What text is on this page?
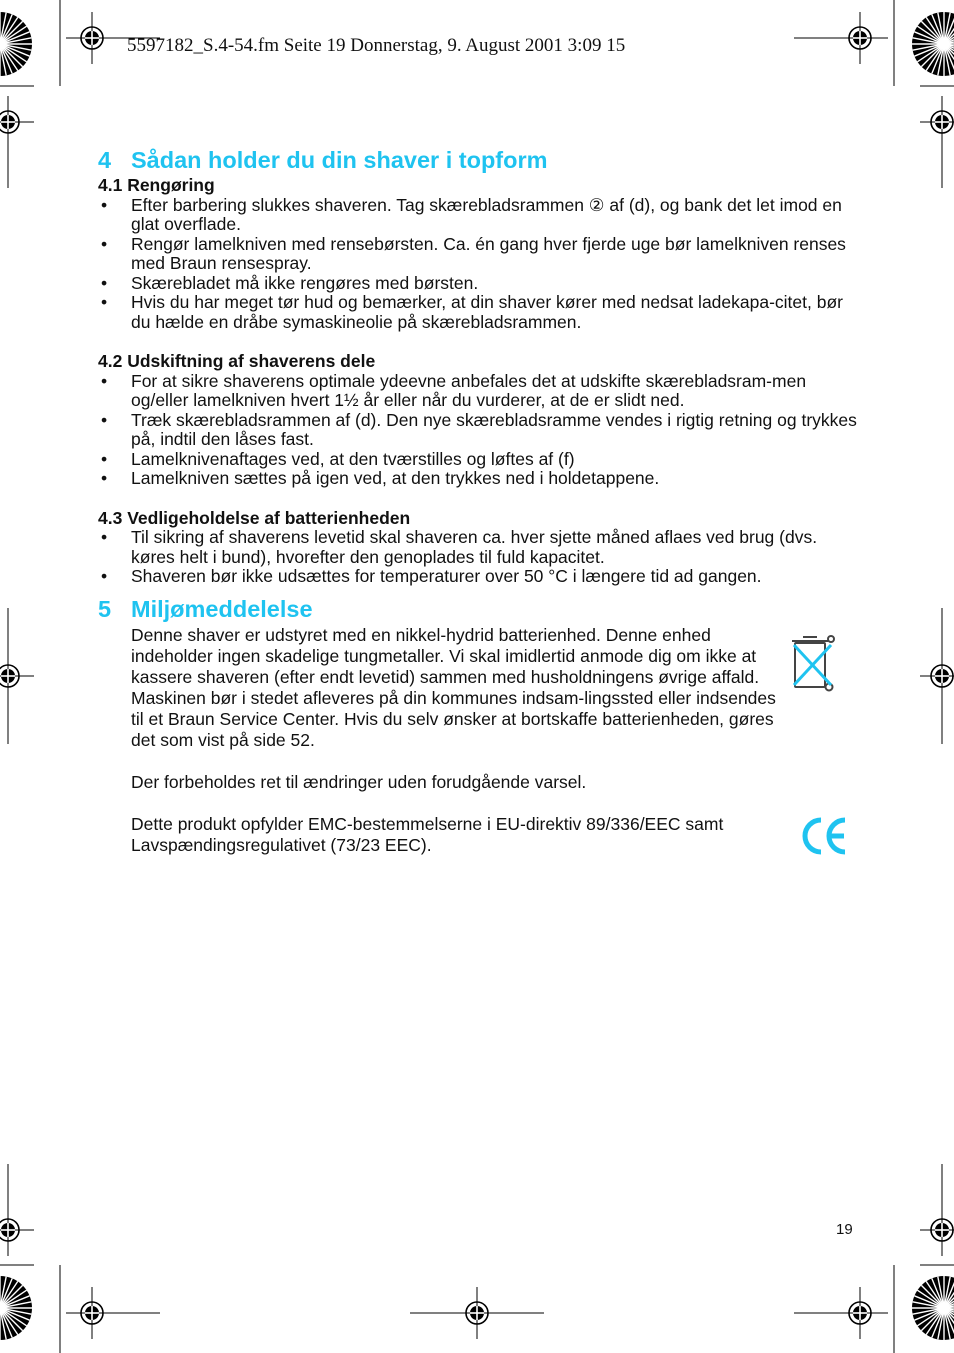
5597182_S.4-54.fm Seite 19 Donnerstag, 9. August 2001 3:09 15
4 Sådan holder du din shaver i topform
4.1 Rengøring
• Efter barbering slukkes shaveren. Tag skærebladsrammen ② af (d), og bank det let imod en glat overflade.
• Rengør lamelkniven med rensebørsten. Ca. én gang hver fjerde uge bør lamelkniven renses med Braun rensespray.
• Skærebladet må ikke rengøres med børsten.
• Hvis du har meget tør hud og bemærker, at din shaver kører med nedsat ladekapa-citet, bør du hælde en dråbe symaskineolie på skærebladsrammen.
4.2 Udskiftning af shaverens dele
• For at sikre shaverens optimale ydeevne anbefales det at udskifte skærebladsram-men og/eller lamelkniven hvert 1½ år eller når du vurderer, at de er slidt ned.
• Træk skærebladsrammen af (d). Den nye skærebladsramme vendes i rigtig retning og trykkes på, indtil den låses fast.
• Lamelknivenaftages ved, at den tværstilles og løftes af (f)
• Lamelkniven sættes på igen ved, at den trykkes ned i holdetappene.
4.3 Vedligeholdelse af batterienheden
• Til sikring af shaverens levetid skal shaveren ca. hver sjette måned aflaes ved brug (dvs. køres helt i bund), hvorefter den genoplades til fuld kapacitet.
• Shaveren bør ikke udsættes for temperaturer over 50 °C i længere tid ad gangen.
5 Miljømeddelelse
Denne shaver er udstyret med en nikkel-hydrid batterienhed. Denne enhed indeholder ingen skadelige tungmetaller. Vi skal imidlertid anmode dig om ikke at kassere shaveren (efter endt levetid) sammen med husholdningens øvrige affald. Maskinen bør i stedet afleveres på din kommunes indsam-lingssted eller indsendes til et Braun Service Center. Hvis du selv ønsker at bortskaffe batterienheden, gøres det som vist på side 52.
Der forbeholdes ret til ændringer uden forudgående varsel.
Dette produkt opfylder EMC-bestemmelserne i EU-direktiv 89/336/EEC samt Lavspændingsregulativet (73/23 EEC).
19
